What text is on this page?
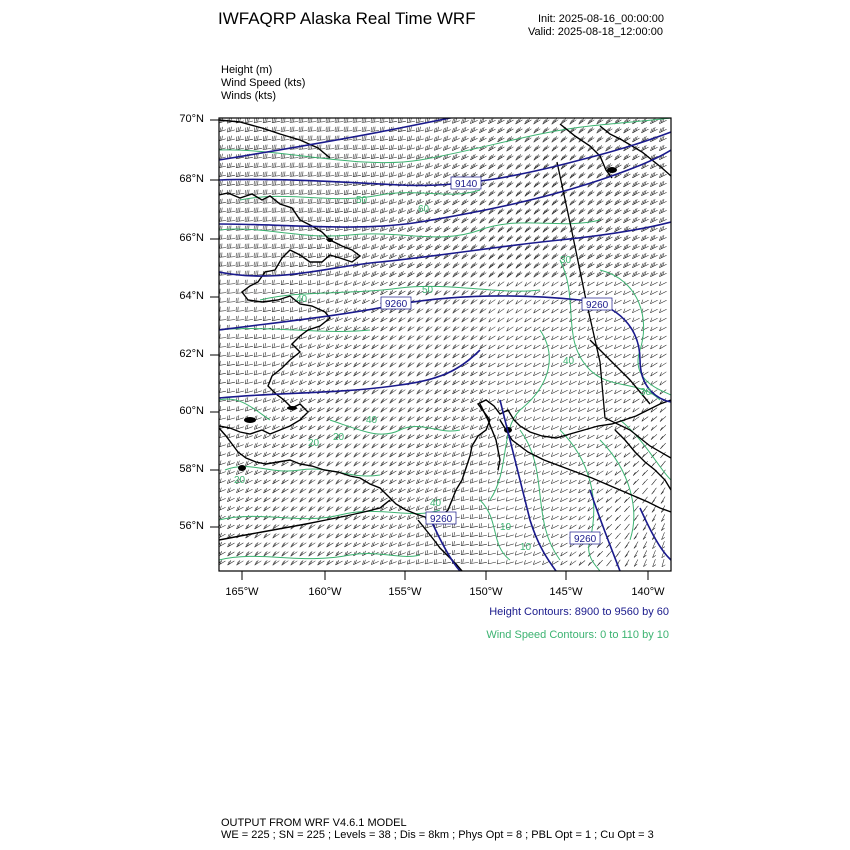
IWFAQRP Alaska Real Time WRF	Init: 2025-08-16_00:00:00
Valid: 2025-08-18_12:00:00
Height (m)
Wind Speed (kts)
Winds (kts)
9140
9260	9260
9260
9260
50
60
40
50
30
40
30
40
20
20
20
40
10
10
70°N
68°N
66°N
64°N
62°N
60°N
58°N
56°N
165°W	160°W	155°W	150°W	145°W	140°W
Height Contours: 8900 to 9560 by 60
Wind Speed Contours: 0 to 110 by 10
OUTPUT FROM WRF V4.6.1 MODEL
WE = 225 ; SN = 225 ; Levels = 38 ; Dis = 8km ; Phys Opt = 8 ; PBL Opt = 1 ; Cu Opt = 3
